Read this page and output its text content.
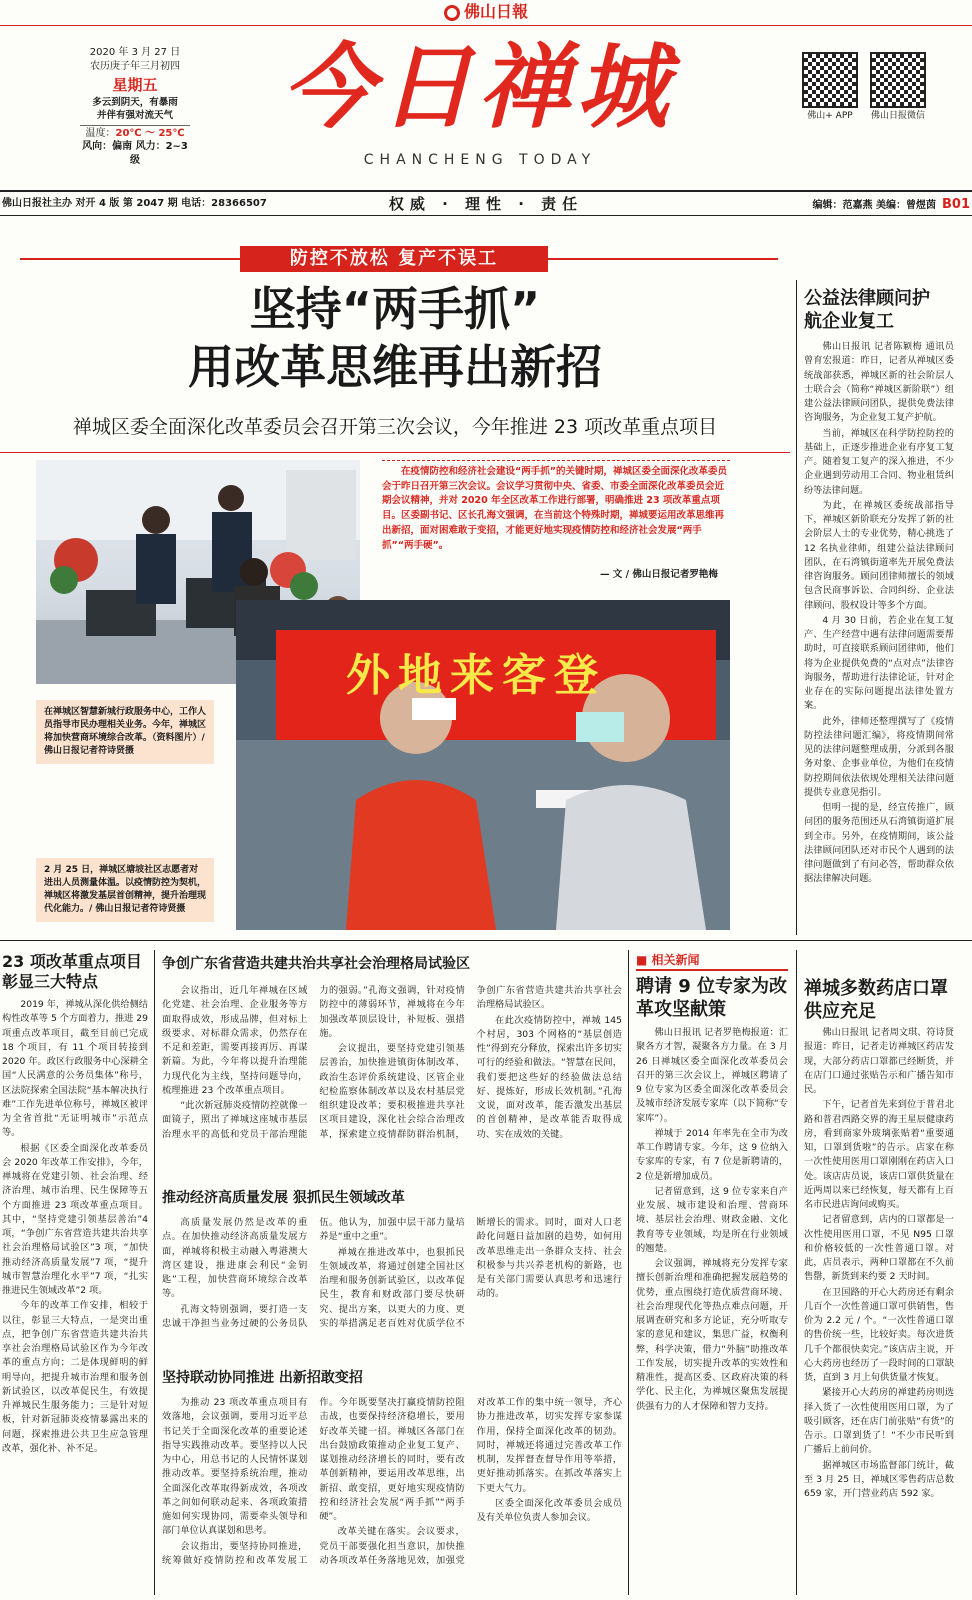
佛山日報
2020 年 3 月 27 日
农历庚子年三月初四
星期五
多云到阴天，有暴雨
并伴有强对流天气
温度：20℃ ～ 25℃
风向：偏南 风力：2~3 级
今日禅城
CHANCHENG TODAY
佛山+ APP	佛山日报微信
佛山日报社主办 对开 4 版 第 2047 期 电话：28366507	权威 · 理性 · 责任	编辑：范嘉燕 美编：曾煜茵 B01
防控不放松 复产不误工
坚持“两手抓”
用改革思维再出新招
禅城区委全面深化改革委员会召开第三次会议，今年推进 23 项改革重点项目
外地来客登
在疫情防控和经济社会建设“两手抓”的关键时期，禅城区委全面深化改革委员会于昨日召开第三次会议。会议学习贯彻中央、省委、市委全面深化改革委员会近期会议精神，并对 2020 年全区改革工作进行部署，明确推进 23 项改革重点项目。区委副书记、区长孔海文强调，在当前这个特殊时期，禅城要运用改革思维再出新招，面对困难敢于变招，才能更好地实现疫情防控和经济社会发展“两手抓”“两手硬”。
— 文 / 佛山日报记者罗艳梅
在禅城区智慧新城行政服务中心，工作人员指导市民办理相关业务。今年，禅城区将加快营商环境综合改革。（资料图片）/ 佛山日报记者符诗贤摄
2 月 25 日，禅城区塘坡社区志愿者对进出人员测量体温。以疫情防控为契机，禅城区将激发基层首创精神，提升治理现代化能力。/ 佛山日报记者符诗贤摄
公益法律顾问护航企业复工

佛山日报讯 记者陈颖梅 通讯员曾育宏报道：昨日，记者从禅城区委统战部获悉，禅城区新的社会阶层人士联合会（简称“禅城区新阶联”）组建公益法律顾问团队，提供免费法律咨询服务，为企业复工复产护航。

当前，禅城区在科学防控防控的基础上，正逐步推进企业有序复工复产。随着复工复产的深入推进，不少企业遇到劳动用工合同、物业租赁纠纷等法律问题。

为此，在禅城区委统战部指导下，禅城区新阶联充分发挥了新的社会阶层人士的专业优势，精心挑选了 12 名执业律师，组建公益法律顾问团队，在石湾镇街道率先开展免费法律咨询服务。顾问团律师擅长的领域包含民商事诉讼、合同纠纷、企业法律顾问、股权设计等多个方面。

4 月 30 日前，若企业在复工复产、生产经营中遇有法律问题需要帮助时，可直接联系顾问团律师，他们将为企业提供免费的“点对点”法律咨询服务，帮助进行法律论证，针对企业存在的实际问题提出法律处置方案。

此外，律师还整理撰写了《疫情防控法律问题汇编》，将疫情期间常见的法律问题整理成册，分派到各服务对象、企事业单位，为他们在疫情防控期间依法依规处理相关法律问题提供专业意见指引。

但明一提的是，经宣传推广，顾问团的服务范围还从石湾镇街道扩展到全市。另外，在疫情期间，该公益法律顾问团队还对市民个人遇到的法律问题做到了有问必答，帮助群众依据法律解决问题。

23 项改革重点项目彰显三大特点

2019 年，禅城从深化供给侧结构性改革等 5 个方面着力，推进 29 项重点改革项目，截至目前已完成 18 个项目，有 11 个项目转接到 2020 年。政区行政服务中心深耕全国“人民满意的公务员集体”称号，区法院探索全国法院“基本解决执行难”工作先进单位称号，禅城区被评为全省首批“无证明城市”示范点等。

根据《区委全面深化改革委员会 2020 年改革工作安排》，今年，禅城将在党建引领、社会治理、经济治理、城市治理、民生保障等五个方面推进 23 项改革重点项目。其中，“坚持党建引领基层善治”4 项，“争创广东省营造共建共治共享社会治理格局试验区”3 项，“加快推动经济高质量发展”7 项，“提升城市智慧治理化水平”7 项，“扎实推进民生领域改革”2 项。

今年的改革工作安排，相较于以往，彰显三大特点，一是突出重点，把争创广东省营造共建共治共享社会治理格局试验区作为今年改革的重点方向；二是体现鲜明的鲜明导向，把提升城市治理和服务创新试验区，以改革促民生，有效提升禅城民生服务能力；三是针对短板，针对新冠肺炎疫情暴露出来的问题，探索推进公共卫生应急管理改革，强化补、补不足。

争创广东省营造共建共治共享社会治理格局试验区

会议指出，近几年禅城在区域化党建、社会治理、企业服务等方面取得成效，形成品牌，但对标上级要求、对标群众需求，仍然存在不足和差距，需要再接再厉、再谋新篇。为此，今年将以提升治理能力现代化为主线，坚持问题导向，梳理推进 23 个改革重点项目。

“此次新冠肺炎疫情防控就像一面镜子，照出了禅城这座城市基层治理水平的高低和党员干部治理能力的强弱。”孔海文强调，针对疫情防控中的薄弱环节，禅城将在今年加强改革顶层设计，补短板、强措施。

会议提出，要坚持党建引领基层善治，加快推进镇街体制改革、政治生态评价系统建设、区管企业纪检监察体制改革以及农村基层党组织建设改革；要积极推进共享社区项目建设，深化社会综合治理改革，探索建立疫情群防群治机制，争创广东省营造共建共治共享社会治理格局试验区。

在此次疫情防控中，禅城 145 个村居，303 个网格的“基层创造性”得到充分释放，探索出许多切实可行的经验和做法。“智慧在民间，我们要把这些好的经验做法总结好、提炼好，形成长效机制。”孔海文说，面对改革，能否激发出基层的首创精神，是改革能否取得成功、实在成效的关键。

推动经济高质量发展 狠抓民生领域改革

高质量发展仍然是改革的重点。在加快推动经济高质量发展方面，禅城将积极主动融入粤港澳大湾区建设，推进康会利民“金钥匙”工程，加快营商环境综合改革等。

孔海文特别强调，要打造一支忠诚干净担当业务过硬的公务员队伍。他认为，加强中层干部力量培养是“重中之重”。

禅城在推进改革中，也狠抓民生领域改革，将通过创建全国社区治理和服务创新试验区，以改革促民生，教育和财政部门要尽快研究、提出方案，以更大的力度、更实的举措满足老百姓对优质学位不断增长的需求。同时，面对人口老龄化问题日益加剧的趋势，如何用改革思维走出一条群众支持、社会积极参与共兴养老机构的新路，也是有关部门需要认真思考和迅速行动的。

坚持联动协同推进 出新招敢变招

为推动 23 项改革重点项目有效落地，会议强调，要用习近平总书记关于全面深化改革的重要论述指导实践推动改革。要坚持以人民为中心，用总书记的人民情怀谋划推动改革。要坚持系统治理，推动全面深化改革取得新成效，各项改革之间如何联动起来、各项政策措施如何实现协同，需要牵头领导和部门单位认真谋划和思考。

会议指出，要坚持协同推进，统筹做好疫情防控和改革发展工作。今年既要坚决打赢疫情防控阻击战，也要保持经济稳增长，要用好改革关键一招。禅城区各部门在出台鼓励政策推动企业复工复产、谋划推动经济增长的同时，要有改革创新精神，要运用改革思维，出新招、敢变招，更好地实现疫情防控和经济社会发展“两手抓”“两手硬”。

改革关键在落实。会议要求，党员干部要强化担当意识，加快推动各项改革任务落地见效，加强党对改革工作的集中统一领导，齐心协力推进改革，切实发挥专家参谋作用，保持全面深化改革的韧劲。同时，禅城还将通过完善改革工作机制，发挥督查督导作用等举措，更好推动抓落实。在抓改革落实上下更大气力。

区委全面深化改革委员会成员及有关单位负责人参加会议。

■ 相关新闻
聘请 9 位专家为改革攻坚献策

佛山日报讯 记者罗艳梅报道：汇聚各方才智，凝聚各方力量。在 3 月 26 日禅城区委全面深化改革委员会召开的第三次会议上，禅城区聘请了 9 位专家为区委全面深化改革委员会及城市经济发展专家库（以下简称“专家库”）。

禅城于 2014 年率先在全市为改革工作聘请专家。今年，这 9 位纳入专家库的专家，有 7 位是新聘请的，2 位是新增加成员。

记者留意到，这 9 位专家来自产业发展、城市建设和治理、营商环境、基层社会治理、财政金融、文化教育等专业领域，均是所在行业领域的翘楚。

会议强调，禅城将充分发挥专家擅长创新治理和准确把握发展趋势的优势，重点围绕打造优质营商环境、社会治理现代化等热点难点问题，开展调查研究和多方论证，充分听取专家的意见和建议，集思广益，权衡利弊，科学决策，借力“外脑”助推改革工作发展，切实提升改革的实效性和精准性，提高区委、区政府决策的科学化、民主化，为禅城区聚焦发展提供强有力的人才保障和智力支持。

禅城多数药店口罩供应充足

佛山日报讯 记者周文琪、符诗贤报道：昨日，记者走访禅城区药店发现，大部分药店口罩都已经断货，并在店门口通过张贴告示和广播告知市民。

下午，记者首先来到位于普君北路和普君西路交界的海王星辰健康药房，看到商家外玻璃张贴着“重要通知，口罩到货啦”的告示。店家在称一次性使用医用口罩刚刚在药店入口处。该店店员说，该店口罩供货量在近两周以来已经恢复，每天都有上百名市民进店询问或购买。

记者留意到，店内的口罩都是一次性使用医用口罩，不见 N95 口罩和价格较低的一次性普通口罩。对此，店员表示，两种口罩都在不久前售罄，新货到来约要 2 天时间。

在卫国路的开心大药房还有剩余几百个一次性普通口罩可供销售，售价为 2.2 元 / 个。“一次性普通口罩的售价统一些，比较好卖。每次进货几千个都很快卖完。”该店店主说，开心大药房也经历了一段时间的口罩缺货，直到 3 月上旬供货量才恢复。

紧接开心大药房的禅建药房则选择入货了一次性使用医用口罩，为了吸引顾客，还在店门前张贴“有货”的告示。口罩到货了！“不少市民听到广播后上前问价。

据禅城区市场监督部门统计，截至 3 月 25 日，禅城区零售药店总数 659 家，开门营业药店 592 家。
